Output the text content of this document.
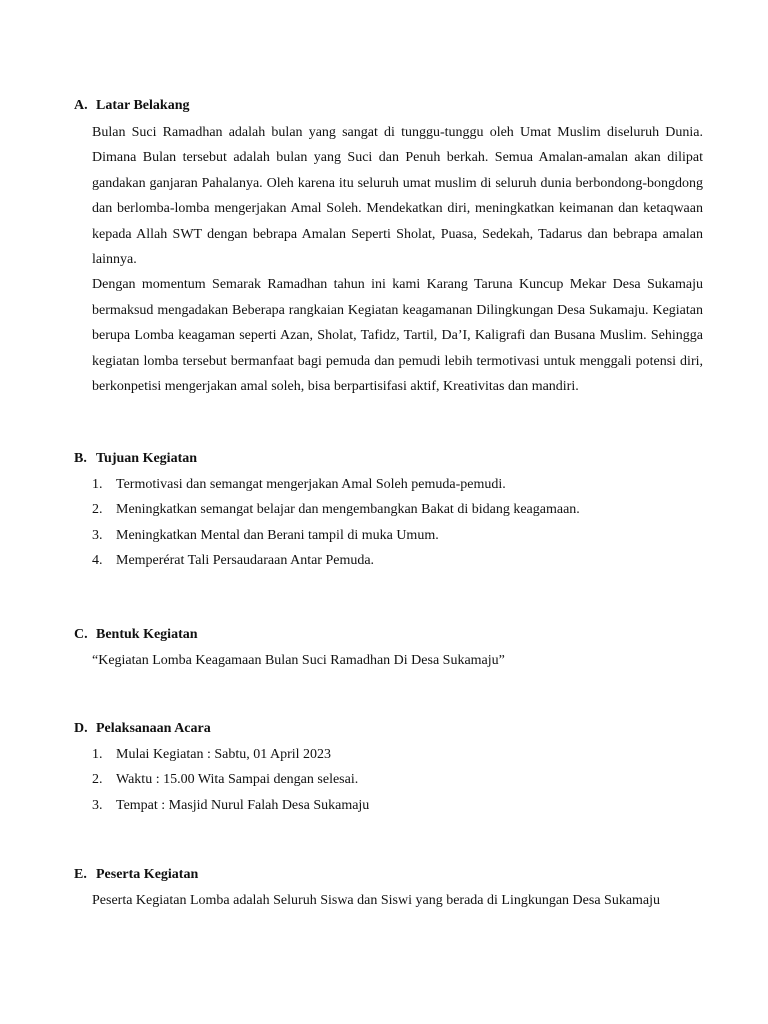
A. Latar Belakang

Bulan Suci Ramadhan adalah bulan yang sangat di tunggu-tunggu oleh Umat Muslim diseluruh Dunia. Dimana Bulan tersebut adalah bulan yang Suci dan Penuh berkah. Semua Amalan-amalan akan dilipat gandakan ganjaran Pahalanya. Oleh karena itu seluruh umat muslim di seluruh dunia berbondong-bongdong dan berlomba-lomba mengerjakan Amal Soleh. Mendekatkan diri, meningkatkan keimanan dan ketaqwaan kepada Allah SWT dengan bebrapa Amalan Seperti Sholat, Puasa, Sedekah, Tadarus dan bebrapa amalan lainnya.

Dengan momentum Semarak Ramadhan tahun ini kami Karang Taruna Kuncup Mekar Desa Sukamaju bermaksud mengadakan Beberapa rangkaian Kegiatan keagamanan Dilingkungan Desa Sukamaju. Kegiatan berupa Lomba keagaman seperti Azan, Sholat, Tafidz, Tartil, Da’I, Kaligrafi dan Busana Muslim. Sehingga kegiatan lomba tersebut bermanfaat bagi pemuda dan pemudi lebih termotivasi untuk menggali potensi diri, berkonpetisi mengerjakan amal soleh, bisa berpartisifasi aktif, Kreativitas dan mandiri.

B. Tujuan Kegiatan
1. Termotivasi dan semangat mengerjakan Amal Soleh pemuda-pemudi.
2. Meningkatkan semangat belajar dan mengembangkan Bakat di bidang keagamaan.
3. Meningkatkan Mental dan Berani tampil di muka Umum.
4. Memperérat Tali Persaudaraan Antar Pemuda.
C. Bentuk Kegiatan
“Kegiatan Lomba Keagamaan Bulan Suci Ramadhan Di Desa Sukamaju”
D. Pelaksanaan Acara
1. Mulai Kegiatan : Sabtu, 01 April 2023
2. Waktu : 15.00 Wita Sampai dengan selesai.
3. Tempat : Masjid Nurul Falah Desa Sukamaju
E. Peserta Kegiatan

Peserta Kegiatan Lomba adalah Seluruh Siswa dan Siswi yang berada di Lingkungan Desa Sukamaju
